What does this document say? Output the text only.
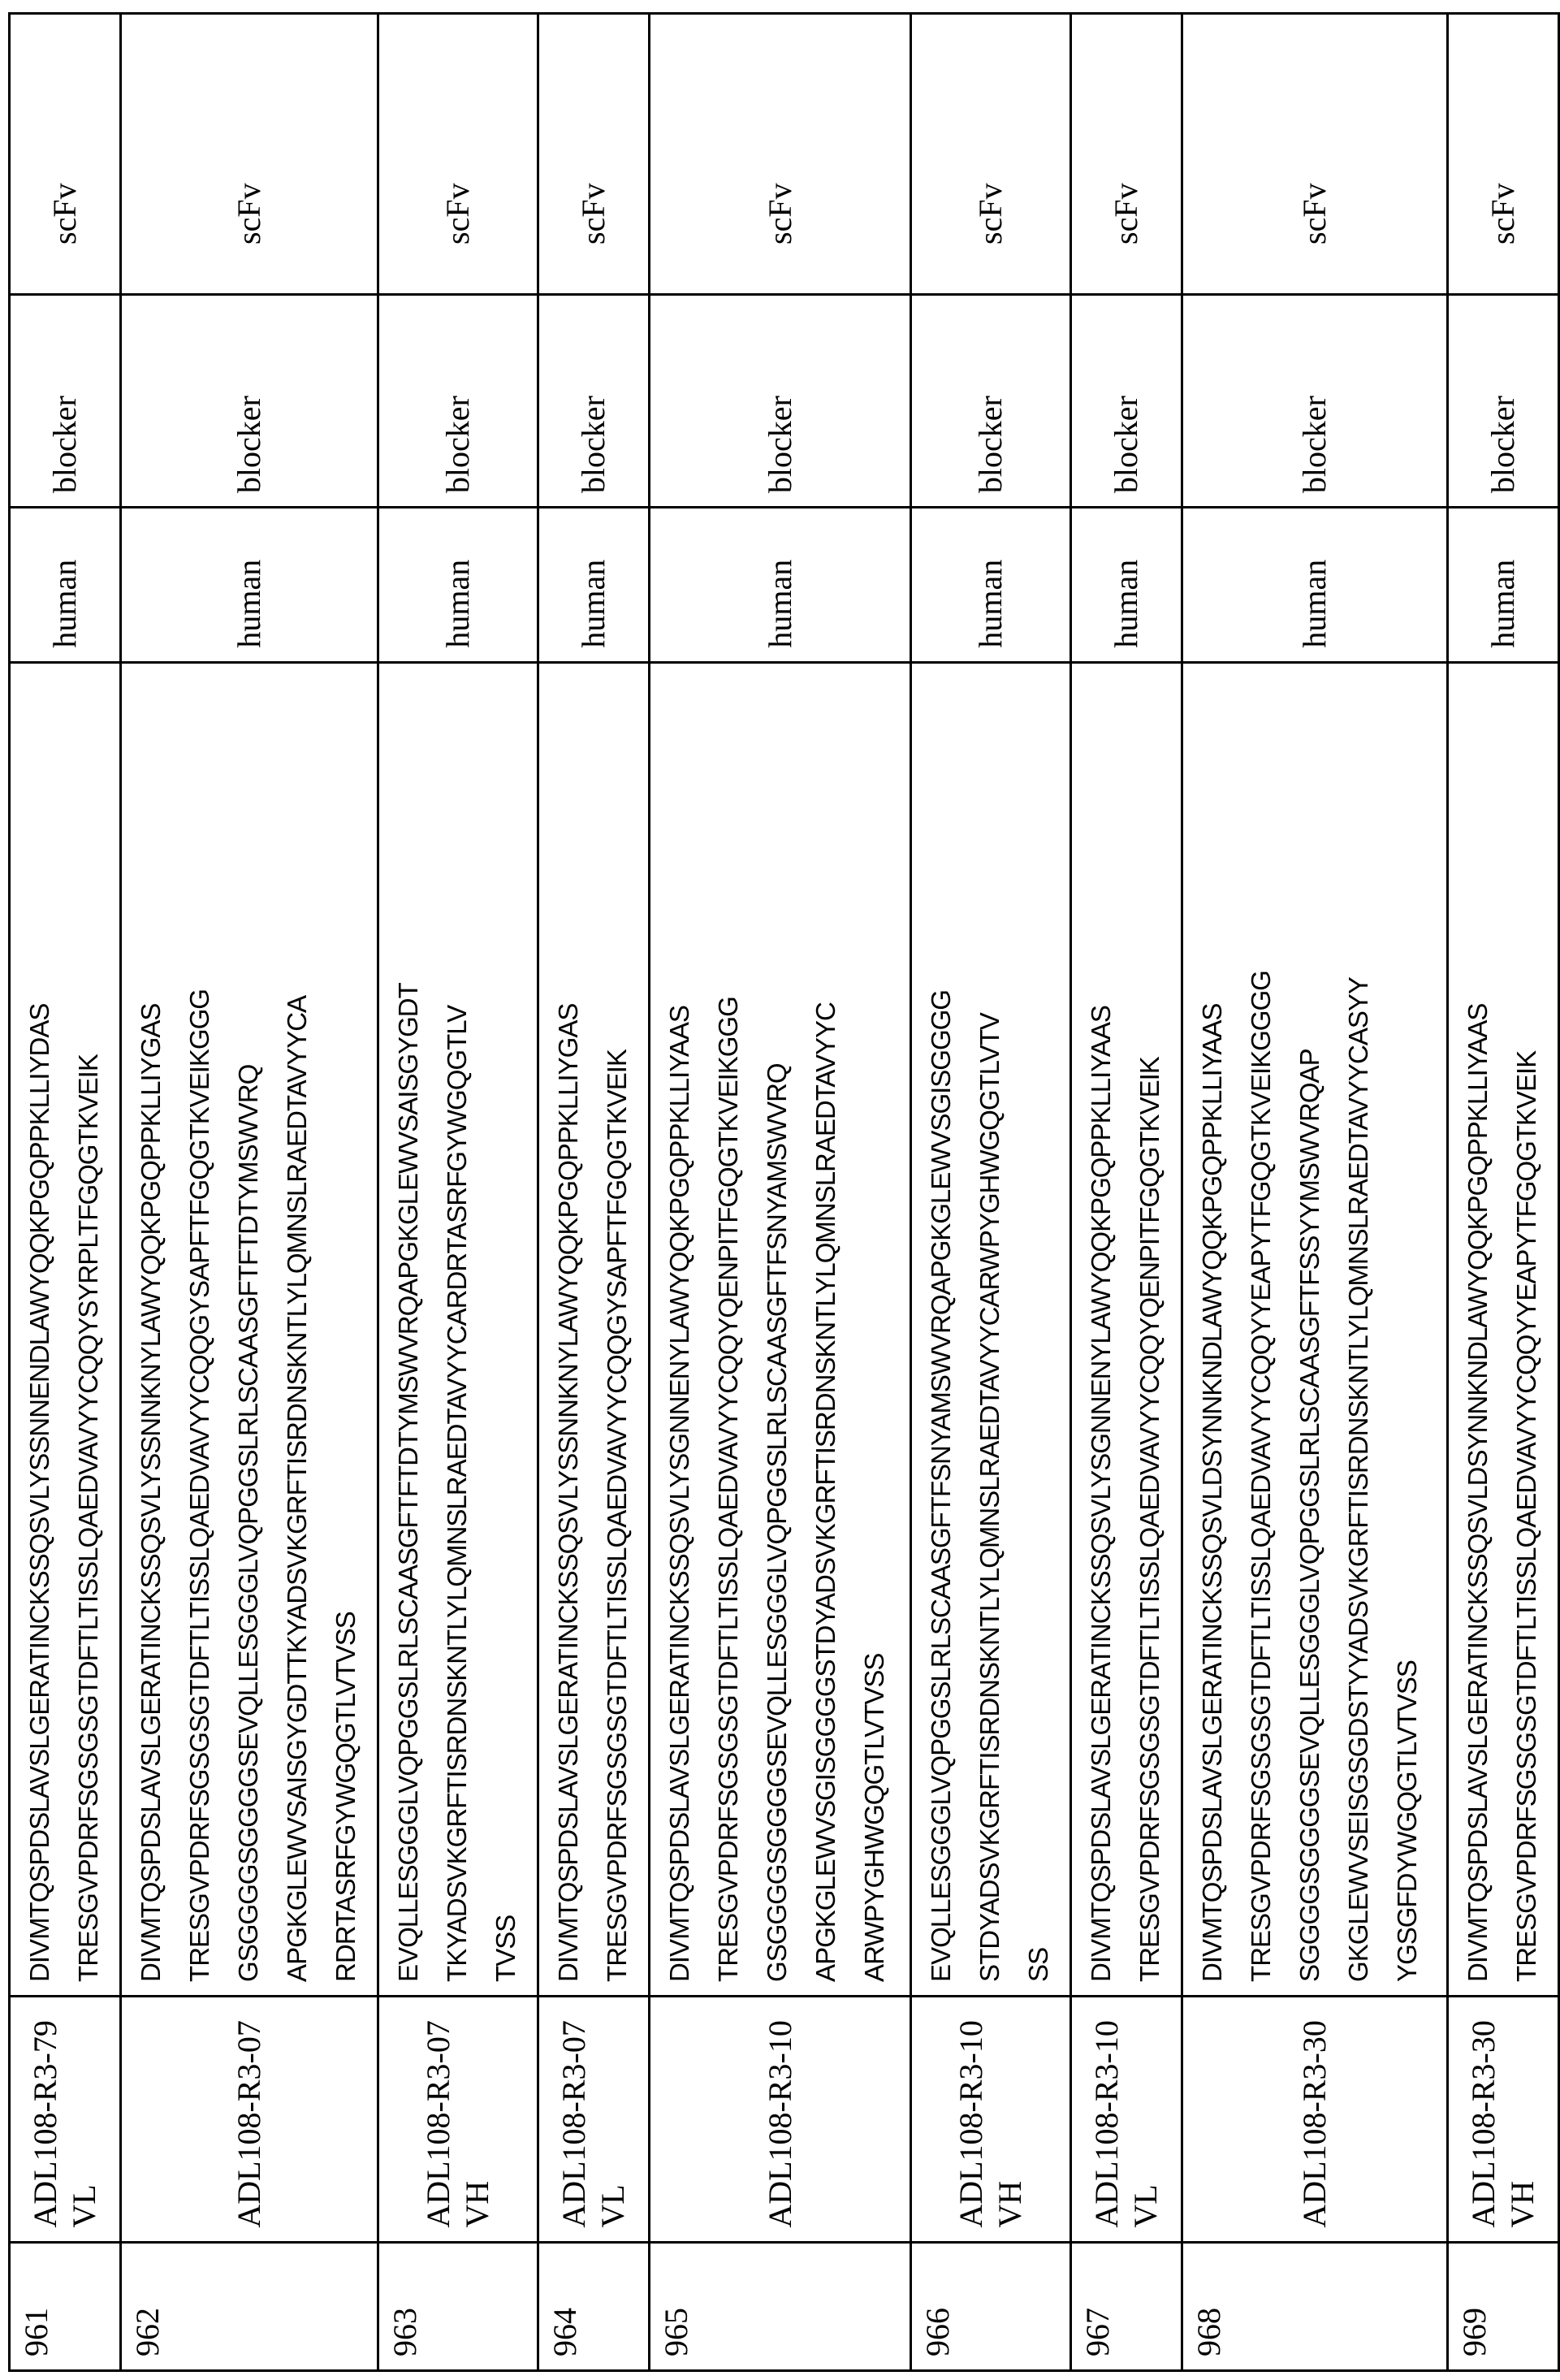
961	ADL108-R3-79 VL	
DIVMTQSPDSLAVSLGERATINCKSSQSVLYSSNNENDLAWYQQKPGQPPKLLIYDAS TRESGVPDRFSGSGSGTDFTLTISSLQAEDVAVYYCQQYSYRPLTFGQGTKVEIK
	human	blocker	scFv
962	ADL108-R3-07	
DIVMTQSPDSLAVSLGERATINCKSSQSVLYSSNNKNYLAWYQQKPGQPPKLLIYGAS TRESGVPDRFSGSGSGTDFTLTISSLQAEDVAVYYCQQGYSAPFTFGQGTKVEIKGGG GSGGGGSGGGGSEVQLLESGGGLVQPGGSLRLSCAASGFTFTDTYMSWVRQ APGKGLEWVSAISGYGDTTKYADSVKGRFTISRDNSKNTLYLQMNSLRAEDTAVYYCA RDRTASRFGYWGQGTLVTVSS
	human	blocker	scFv
963	ADL108-R3-07 VH	
EVQLLESGGGLVQPGGSLRLSCAASGFTFTDTYMSWVRQAPGKGLEWVSAISGYGDT TKYADSVKGRFTISRDNSKNTLYLQMNSLRAEDTAVYYCARDRTASRFGYWGQGTLV TVSS
	human	blocker	scFv
964	ADL108-R3-07 VL	
DIVMTQSPDSLAVSLGERATINCKSSQSVLYSSNNKNYLAWYQQKPGQPPKLLIYGAS TRESGVPDRFSGSGSGTDFTLTISSLQAEDVAVYYCQQGYSAPFTFGQGTKVEIK
	human	blocker	scFv
965	ADL108-R3-10	
DIVMTQSPDSLAVSLGERATINCKSSQSVLYSGNNENYLAWYQQKPGQPPKLLIYAAS TRESGVPDRFSGSGSGTDFTLTISSLQAEDVAVYYCQQYQENPITFGQGTKVEIKGGG GSGGGGSGGGGSEVQLLESGGGLVQPGGSLRLSCAASGFTFSNYAMSWVRQ APGKGLEWVSGISGGGGSTDYADSVKGRFTISRDNSKNTLYLQMNSLRAEDTAVYYC ARWPYGHWGQGTLVTVSS
	human	blocker	scFv
966	ADL108-R3-10 VH	
EVQLLESGGGLVQPGGSLRLSCAASGFTFSNYAMSWVRQAPGKGLEWVSGISGGGG STDYADSVKGRFTISRDNSKNTLYLQMNSLRAEDTAVYYCARWPYGHWGQGTLVTV SS
	human	blocker	scFv
967	ADL108-R3-10 VL	
DIVMTQSPDSLAVSLGERATINCKSSQSVLYSGNNENYLAWYQQKPGQPPKLLIYAAS TRESGVPDRFSGSGSGTDFTLTISSLQAEDVAVYYCQQYQENPITFGQGTKVEIK
	human	blocker	scFv
968	ADL108-R3-30	
DIVMTQSPDSLAVSLGERATINCKSSQSVLDSYNNKNDLAWYQQKPGQPPKLLIYAAS TRESGVPDRFSGSGSGTDFTLTISSLQAEDVAVYYCQQYYEAPYTFGQGTKVEIKGGGG SGGGGSGGGGSEVQLLESGGGLVQPGGSLRLSCAASGFTFSSYYMSWVRQAP GKGLEWVSEISGSGDSTYYADSVKGRFTISRDNSKNTLYLQMNSLRAEDTAVYYCASYY YGSGFDYWGQGTLVTVSS
	human	blocker	scFv
969	ADL108-R3-30 VH	
DIVMTQSPDSLAVSLGERATINCKSSQSVLDSYNNKNDLAWYQQKPGQPPKLLIYAAS TRESGVPDRFSGSGSGTDFTLTISSLQAEDVAVYYCQQYYEAPYTFGQGTKVEIK
	human	blocker	scFv
